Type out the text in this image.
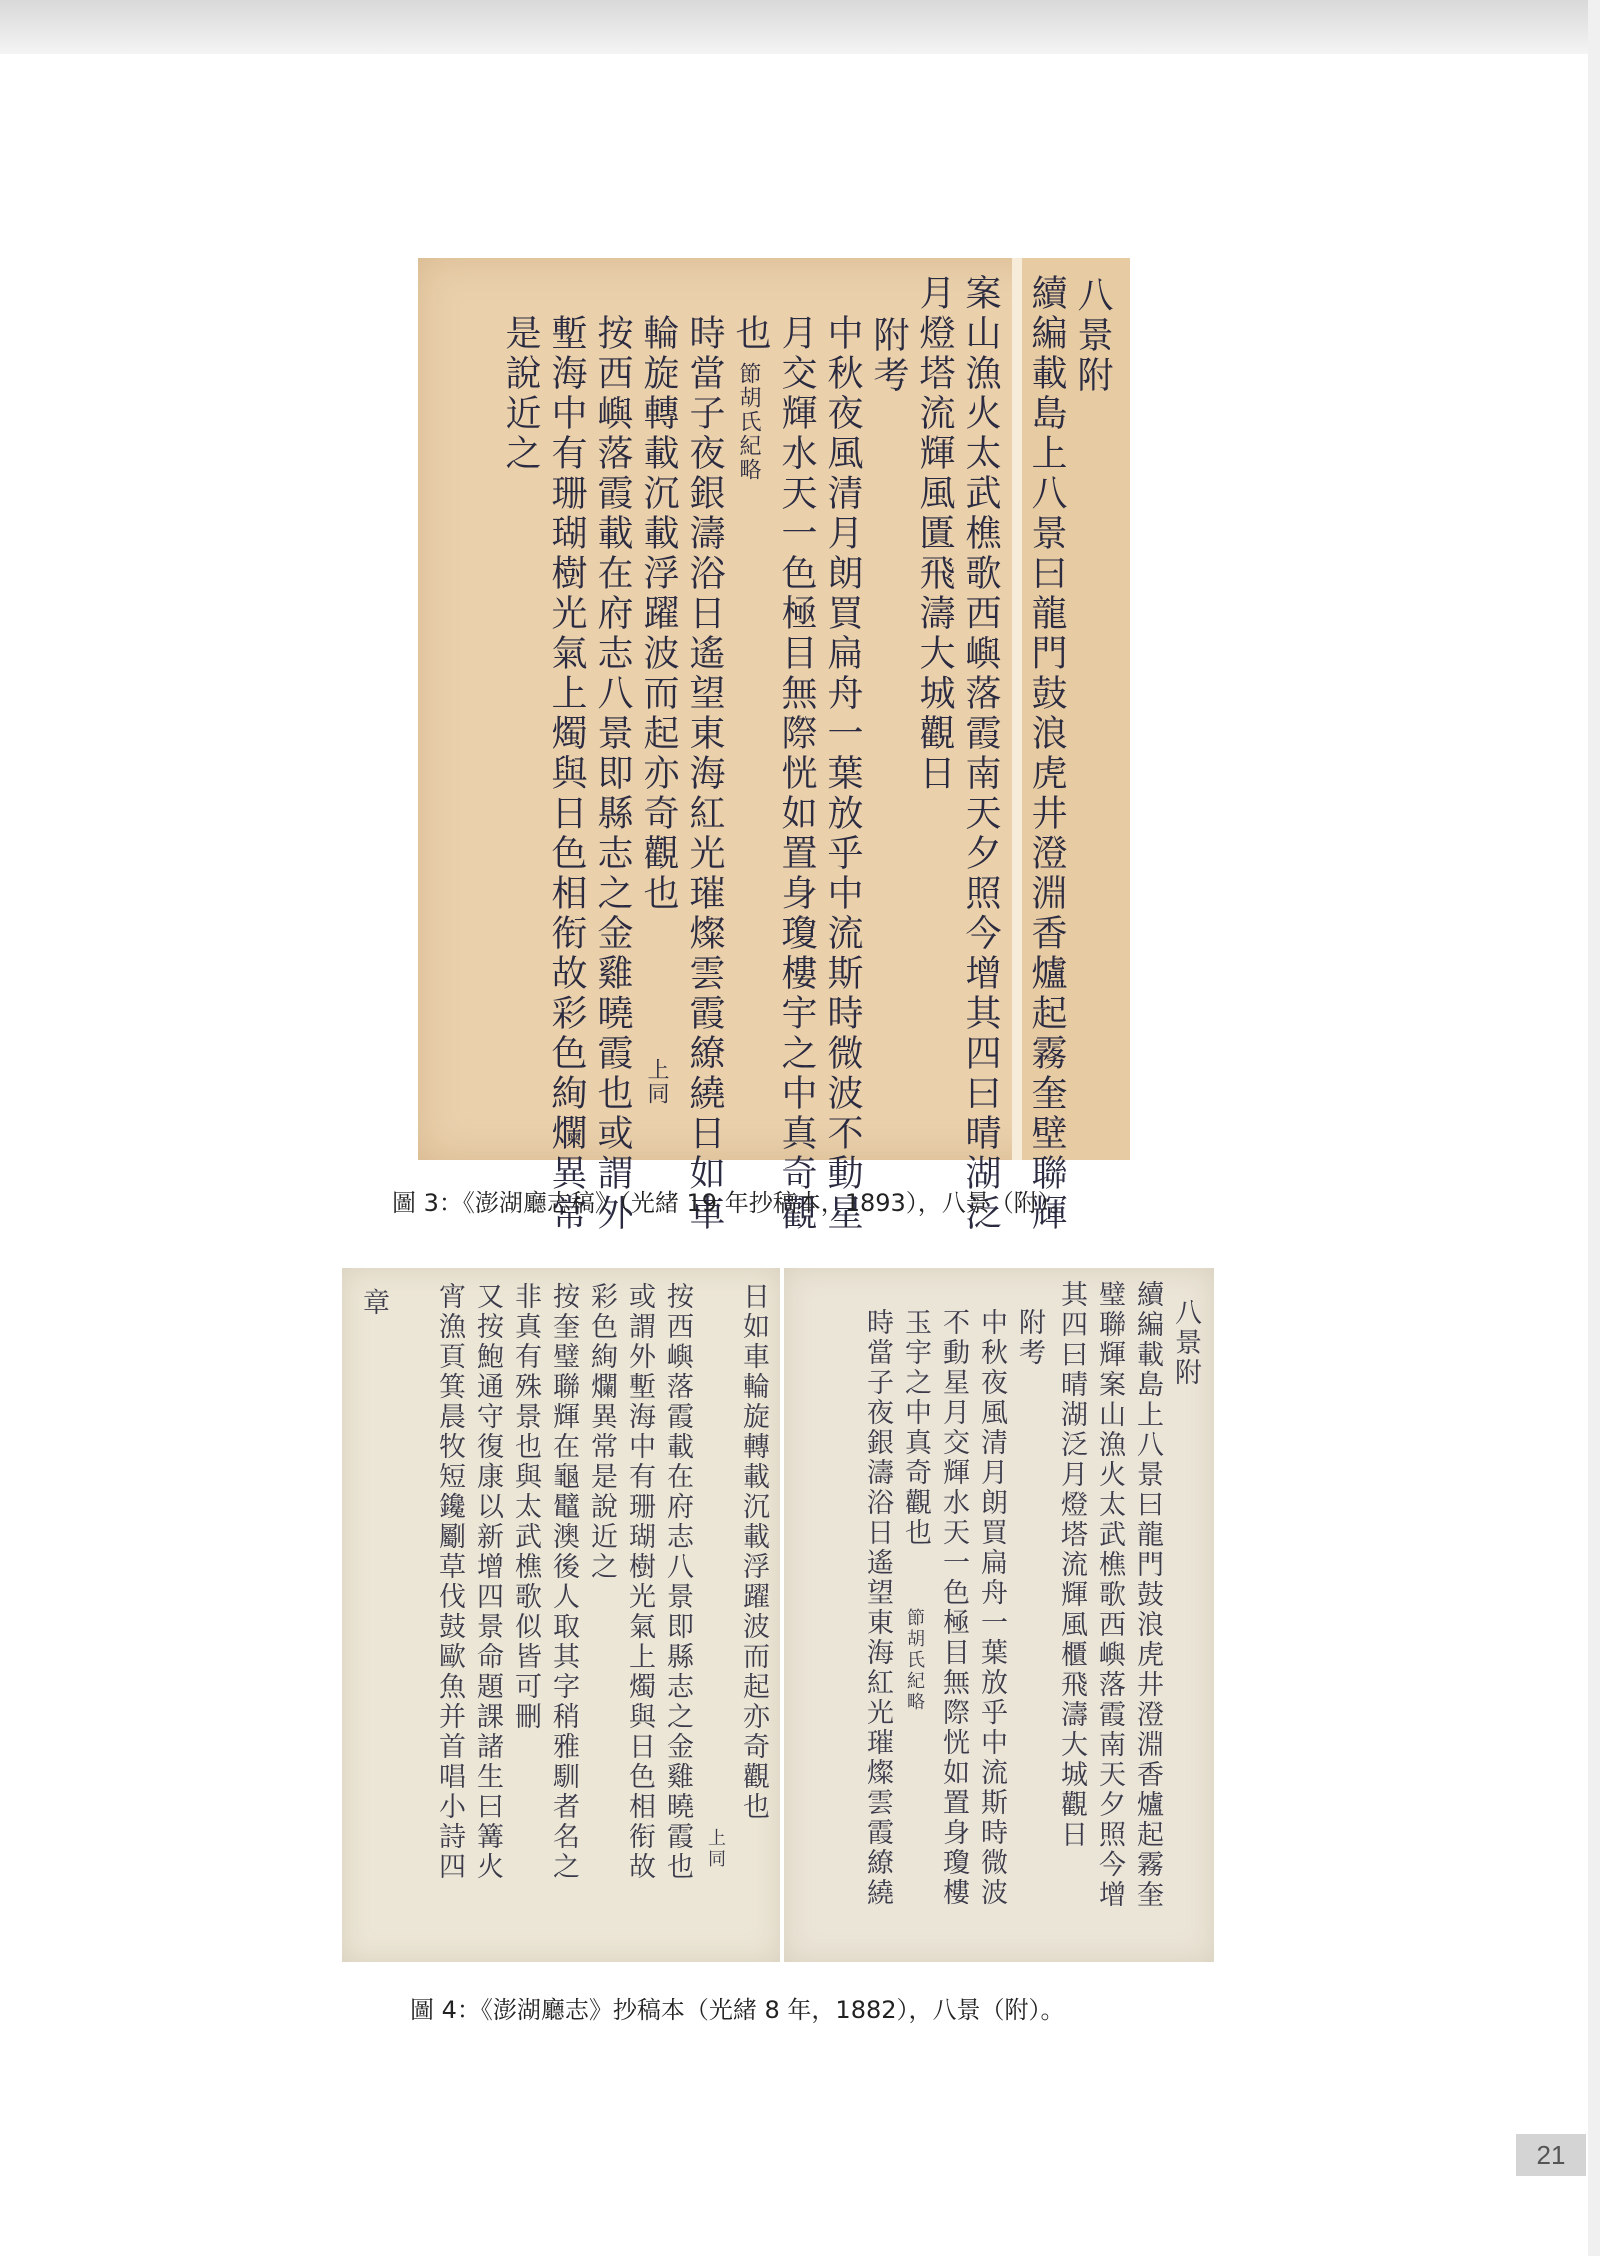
八景附
續編載島上八景曰龍門鼓浪虎井澄淵香爐起霧奎壁聯輝
案山漁火太武樵歌西嶼落霞南天夕照今增其四曰晴湖泛
月燈塔流輝風匱飛濤大城觀日
附考
中秋夜風清月朗買扁舟一葉放乎中流斯時微波不動星
月交輝水天一色極目無際恍如置身瓊樓宇之中真奇觀
也
節胡氏紀略
時當子夜銀濤浴日遙望東海紅光璀燦雲霞繚繞日如車
輪旋轉載沉載浮躍波而起亦奇觀也
上同
按西嶼落霞載在府志八景即縣志之金雞曉霞也或謂外
塹海中有珊瑚樹光氣上燭與日色相衔故彩色絢爛異常
是說近之
圖 3：《澎湖廳志稿》（光緒 19 年抄稿本，1893），八景（附）。
日如車輪旋轉載沉載浮躍波而起亦奇觀也
上同
按西嶼落霞載在府志八景即縣志之金雞曉霞也
或謂外塹海中有珊瑚樹光氣上燭與日色相衔故
彩色絢爛異常是說近之
按奎璧聯輝在龜鼊澳後人取其字稍雅馴者名之
非真有殊景也與太武樵歌似皆可刪
又按鮑通守復康以新增四景命題課諸生曰篝火
宵漁頁箕晨牧短鑱劚草伐鼓歐魚并首唱小詩四
章	八景附
續編載島上八景曰龍門鼓浪虎井澄淵香爐起霧奎
璧聯輝案山漁火太武樵歌西嶼落霞南天夕照今增
其四曰晴湖泛月燈塔流輝風櫃飛濤大城觀日
附考
中秋夜風清月朗買扁舟一葉放乎中流斯時微波
不動星月交輝水天一色極目無際恍如置身瓊樓
玉宇之中真奇觀也
節胡氏紀略
時當子夜銀濤浴日遙望東海紅光璀燦雲霞繚繞
圖 4：《澎湖廳志》抄稿本（光緒 8 年，1882），八景（附）。
21
